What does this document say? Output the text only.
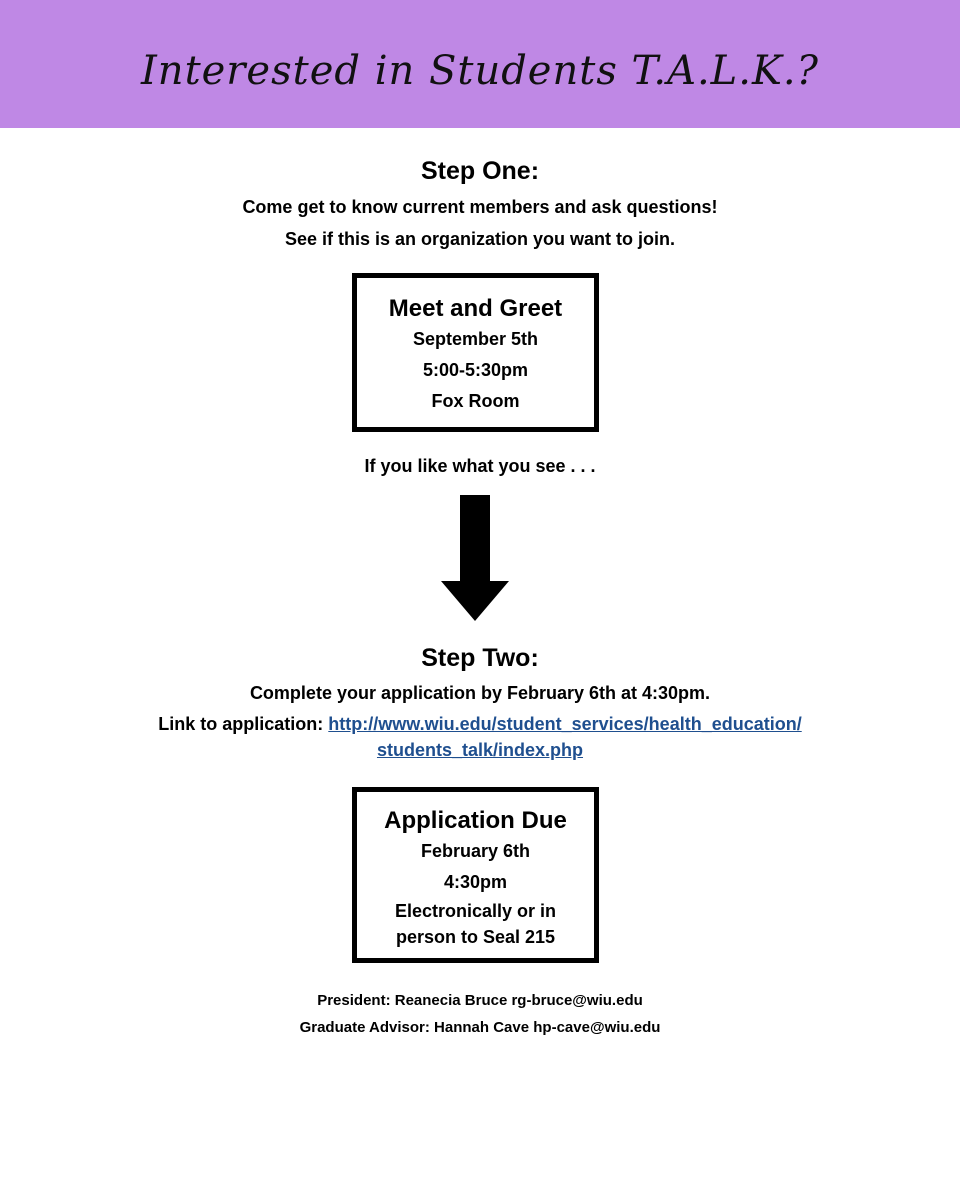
Interested in Students T.A.L.K.?
Step One:
Come get to know current members and ask questions!
See if this is an organization you want to join.
Meet and Greet
September 5th
5:00-5:30pm
Fox Room
If you like what you see . . .
Step Two:
Complete your application by February 6th at 4:30pm.
Link to application: http://www.wiu.edu/student_services/health_education/
students_talk/index.php
Application Due
February 6th
4:30pm
Electronically or in
person to Seal 215
President: Reanecia Bruce rg-bruce@wiu.edu
Graduate Advisor: Hannah Cave hp-cave@wiu.edu
